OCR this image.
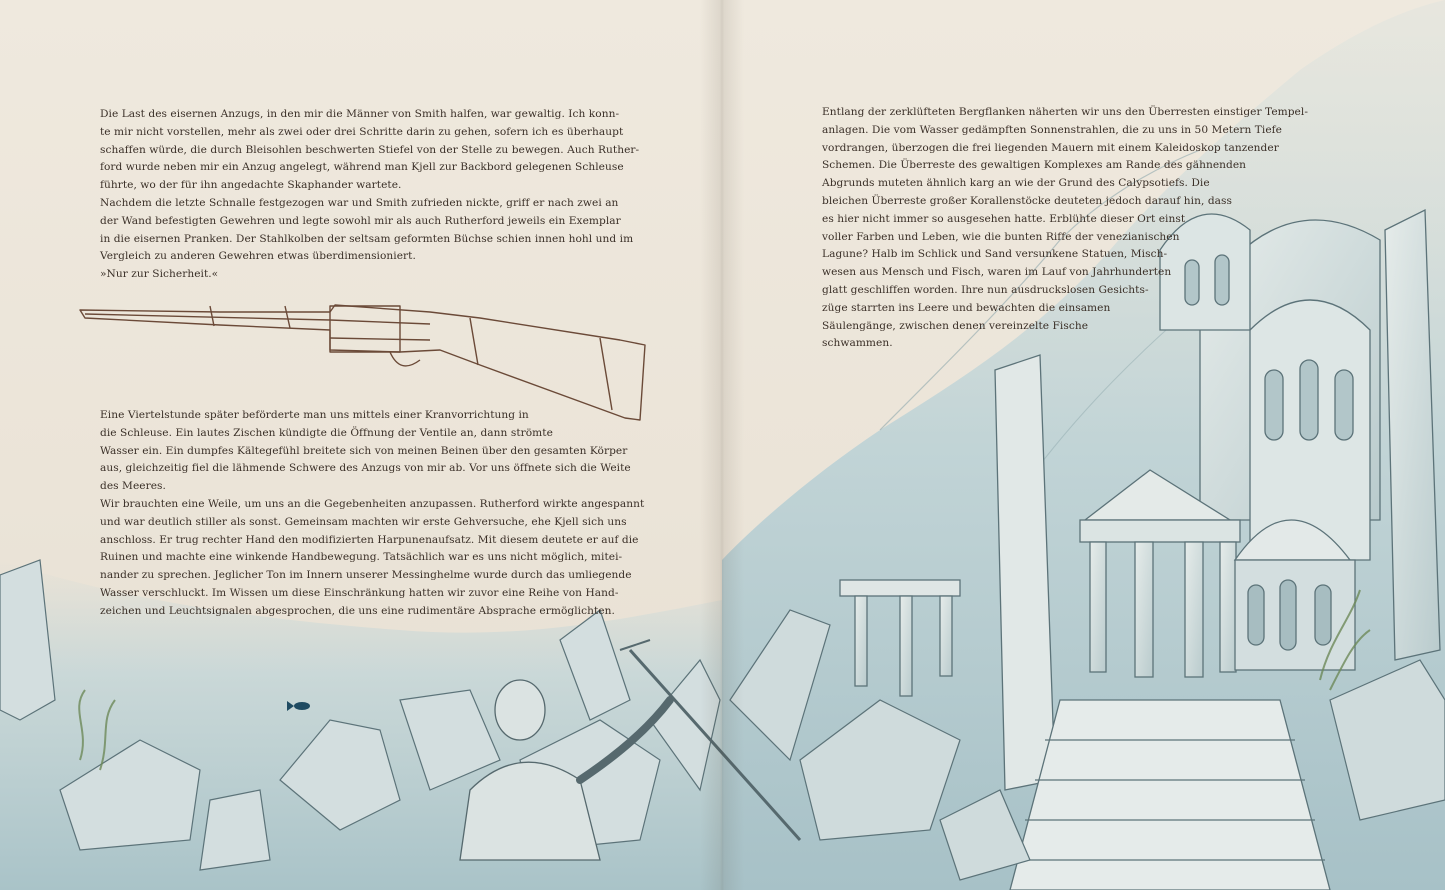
Die Last des eisernen Anzugs, in den mir die Männer von Smith halfen, war gewaltig. Ich konn-

te mir nicht vorstellen, mehr als zwei oder drei Schritte darin zu gehen, sofern ich es überhaupt

schaffen würde, die durch Bleisohlen beschwerten Stiefel von der Stelle zu bewegen. Auch Ruther-

ford wurde neben mir ein Anzug angelegt, während man Kjell zur Backbord gelegenen Schleuse

führte, wo der für ihn angedachte Skaphander wartete.

Nachdem die letzte Schnalle festgezogen war und Smith zufrieden nickte, griff er nach zwei an

der Wand befestigten Gewehren und legte sowohl mir als auch Rutherford jeweils ein Exemplar

in die eisernen Pranken. Der Stahlkolben der seltsam geformten Büchse schien innen hohl und im

Vergleich zu anderen Gewehren etwas überdimensioniert.

»Nur zur Sicherheit.«

Eine Viertelstunde später beförderte man uns mittels einer Kranvorrichtung in

die Schleuse. Ein lautes Zischen kündigte die Öffnung der Ventile an, dann strömte

Wasser ein. Ein dumpfes Kältegefühl breitete sich von meinen Beinen über den gesamten Körper

aus, gleichzeitig fiel die lähmende Schwere des Anzugs von mir ab. Vor uns öffnete sich die Weite

des Meeres.

Wir brauchten eine Weile, um uns an die Gegebenheiten anzupassen. Rutherford wirkte angespannt

und war deutlich stiller als sonst. Gemeinsam machten wir erste Gehversuche, ehe Kjell sich uns

anschloss. Er trug rechter Hand den modifizierten Harpunenaufsatz. Mit diesem deutete er auf die

Ruinen und machte eine winkende Handbewegung. Tatsächlich war es uns nicht möglich, mitei-

nander zu sprechen. Jeglicher Ton im Innern unserer Messinghelme wurde durch das umliegende

Wasser verschluckt. Im Wissen um diese Einschränkung hatten wir zuvor eine Reihe von Hand-

zeichen und Leuchtsignalen abgesprochen, die uns eine rudimentäre Absprache ermöglichten.

Entlang der zerklüfteten Bergflanken näherten wir uns den Überresten einstiger Tempel-

anlagen. Die vom Wasser gedämpften Sonnenstrahlen, die zu uns in 50 Metern Tiefe

vordrangen, überzogen die frei liegenden Mauern mit einem Kaleidoskop tanzender

Schemen. Die Überreste des gewaltigen Komplexes am Rande des gähnenden

Abgrunds muteten ähnlich karg an wie der Grund des Calypsotiefs. Die

bleichen Überreste großer Korallenstöcke deuteten jedoch darauf hin, dass

es hier nicht immer so ausgesehen hatte. Erblühte dieser Ort einst

voller Farben und Leben, wie die bunten Riffe der venezianischen

Lagune? Halb im Schlick und Sand versunkene Statuen, Misch-

wesen aus Mensch und Fisch, waren im Lauf von Jahrhunderten

glatt geschliffen worden. Ihre nun ausdruckslosen Gesichts-

züge starrten ins Leere und bewachten die einsamen

Säulengänge, zwischen denen vereinzelte Fische

schwammen.
